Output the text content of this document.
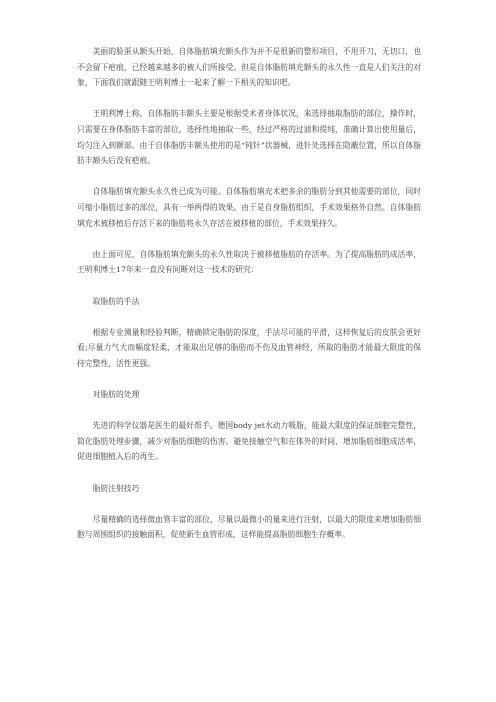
美丽的脸蛋从额头开始，自体脂肪填充额头作为并不是很新的整形项目，不用开刀，无切口，也不会留下疤痕，已经越来越多的被人们所接受。但是自体脂肪填充额头的永久性一直是人们关注的对象，下面我们就跟随王明利博士一起来了解一下相关的知识吧。

王明利博士称，自体脂肪丰额头主要是根据受术者身体状况，来选择抽取脂肪的部位，操作时，只需要在身体脂肪丰富的部位，选择性地抽取一些，经过严格的过滤和提纯，准确计算出使用量后，均匀注入到额部。由于自体脂肪丰额头使用的是“钝针”状器械，进针处选择在隐蔽位置，所以自体脂肪丰额头后没有疤痕。

自体脂肪填充额头永久性已成为可能。自体脂肪填充术把多余的脂肪分到其他需要的部位，同时可缩小脂肪过多的部位，具有一举两得的效果。由于是自身脂肪组织，手术效果格外自然。自体脂肪填充术被移植后存活下来的脂肪将永久存活在被移植的部位，手术效果持久。

由上面可见，自体脂肪填充额头的永久性取决于被移植脂肪的存活率。为了提高脂肪的成活率，王明利博士17年来一直没有间断对这一技术的研究：

取脂肪的手法

根据专业测量和经验判断，精确锁定脂肪的深度，手法尽可能的平滑，这样恢复后的皮肤会更好看;尽量力气大而幅度轻柔，才能取出足够的脂肪而不伤及血管神经，所取的脂肪才能最大限度的保持完整性，活性更强。

对脂肪的处理

先进的科学仪器是医生的最好帮手。德国body jet水动力吸脂，能最大限度的保证细胞完整性，简化脂肪处理步骤，减少对脂肪细胞的伤害。避免接触空气和在体外的时间，增加脂肪细胞成活率，促进细胞植入后的再生。

脂肪注射技巧

尽量精确的选择微血管丰富的部位，尽量以最微小的量来进行注射，以最大的限度来增加脂肪细胞与周围组织的接触面积，促使新生血管形成，这样能提高脂肪细胞生存概率。
